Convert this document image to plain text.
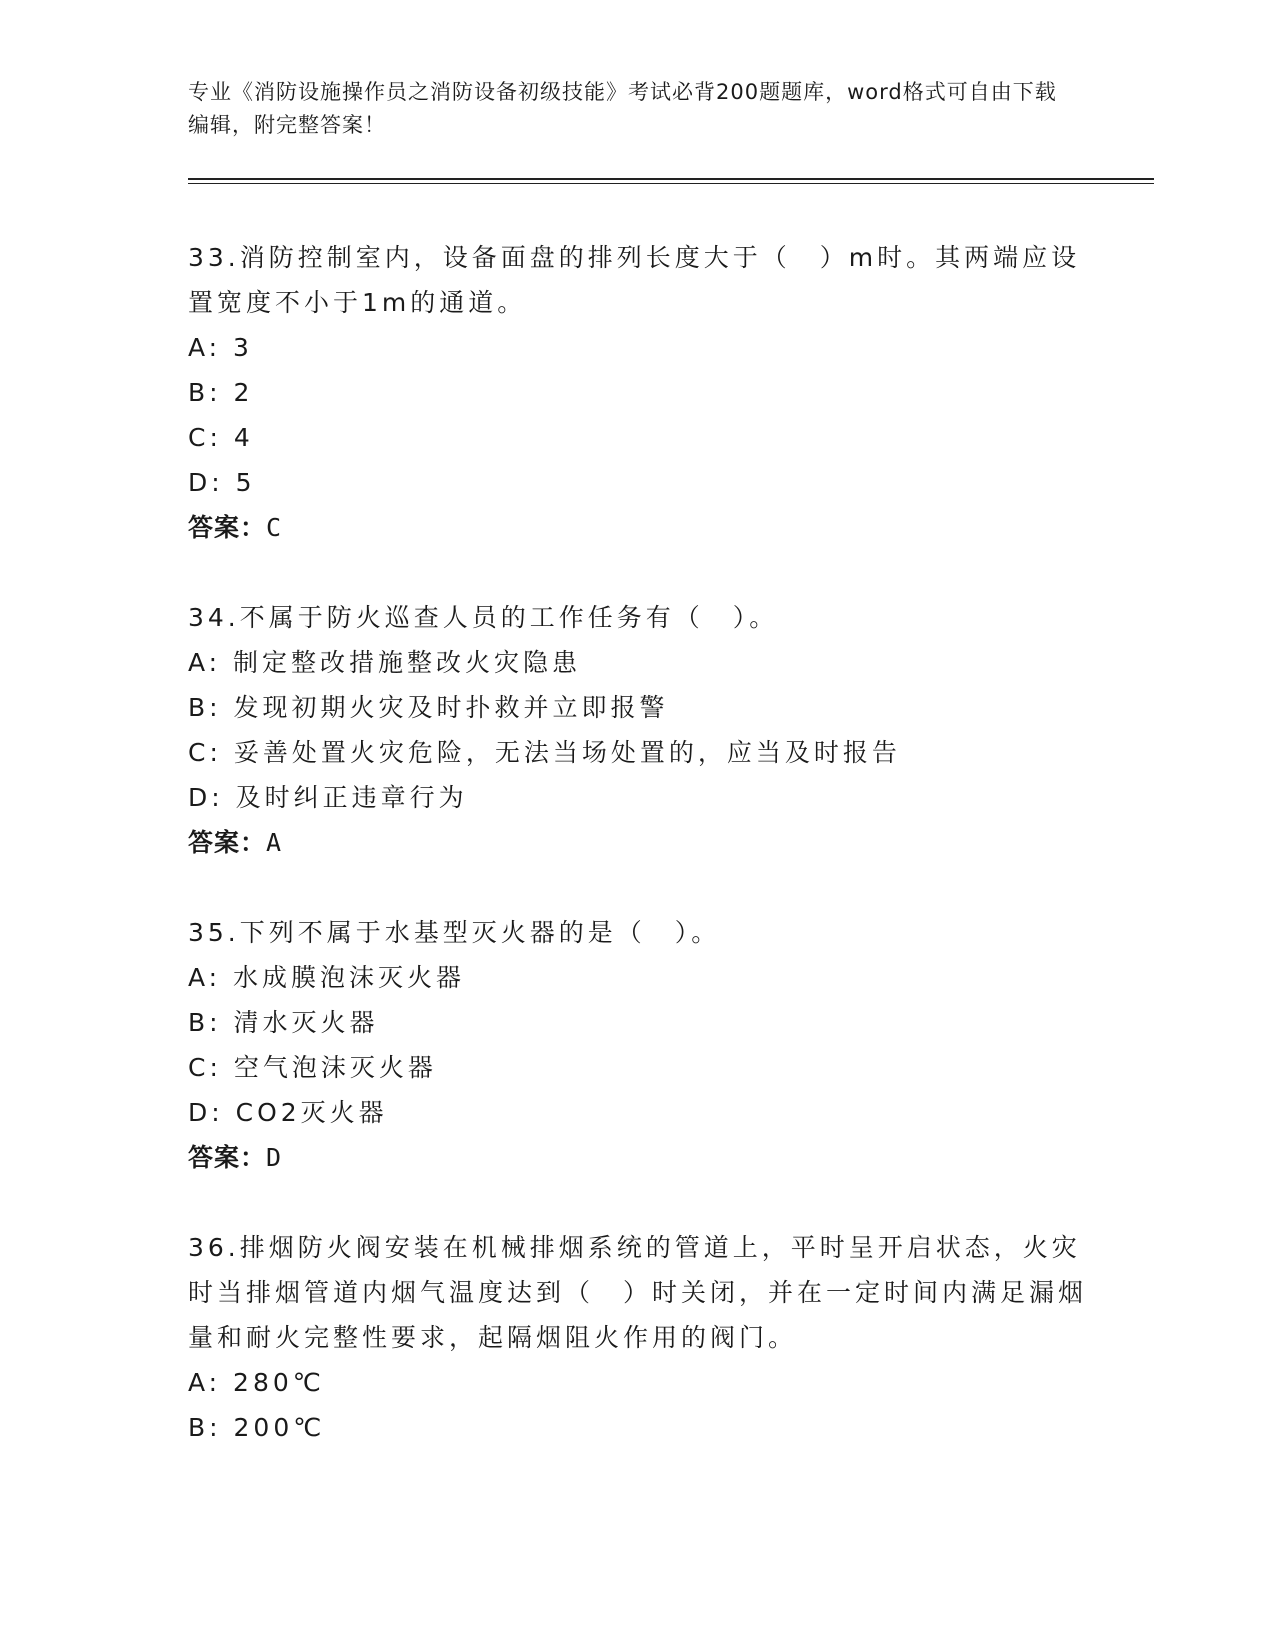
专业《消防设施操作员之消防设备初级技能》考试必背200题题库，word格式可自由下载编辑，附完整答案！

33.消防控制室内，设备面盘的排列长度大于（　）m时。其两端应设置宽度不小于1m的通道。

A: 3

B: 2

C: 4

D: 5

答案：C

34.不属于防火巡查人员的工作任务有（　）。

A: 制定整改措施整改火灾隐患

B: 发现初期火灾及时扑救并立即报警

C: 妥善处置火灾危险，无法当场处置的，应当及时报告

D: 及时纠正违章行为

答案：A

35.下列不属于水基型灭火器的是（　）。

A: 水成膜泡沫灭火器

B: 清水灭火器

C: 空气泡沫灭火器

D: CO2灭火器

答案：D

36.排烟防火阀安装在机械排烟系统的管道上，平时呈开启状态，火灾时当排烟管道内烟气温度达到（　）时关闭，并在一定时间内满足漏烟量和耐火完整性要求，起隔烟阻火作用的阀门。

A: 280℃

B: 200℃
